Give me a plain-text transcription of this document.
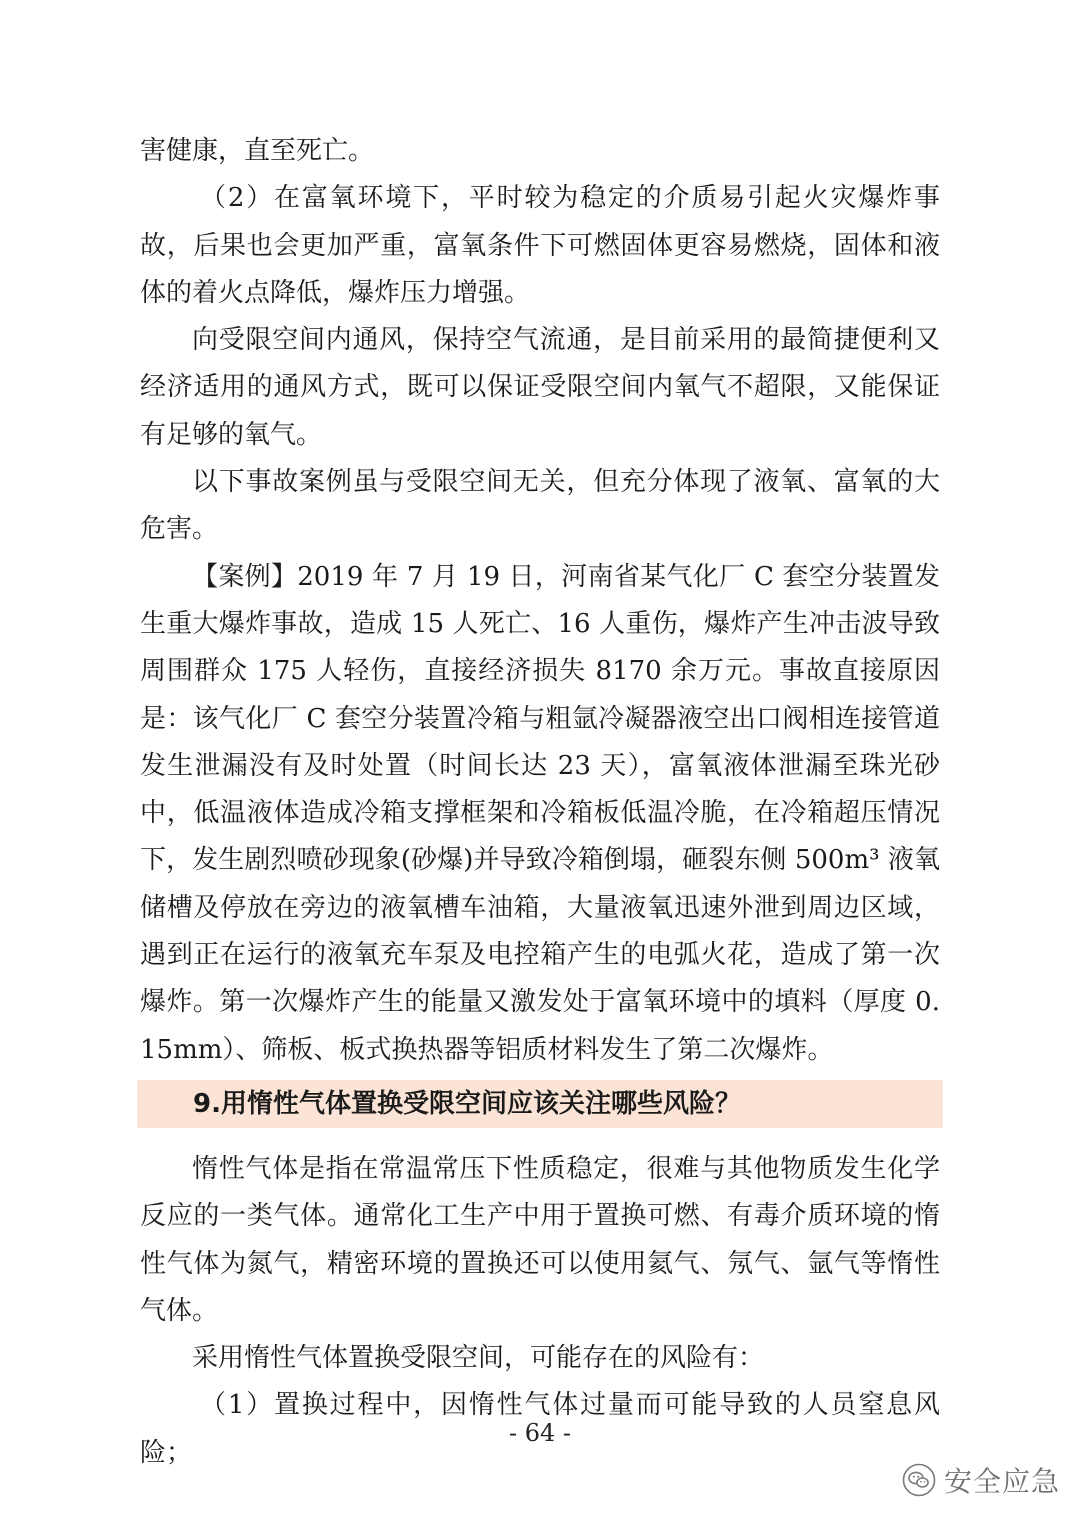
害健康，直至死亡。

（2）在富氧环境下，平时较为稳定的介质易引起火灾爆炸事故，后果也会更加严重，富氧条件下可燃固体更容易燃烧，固体和液体的着火点降低，爆炸压力增强。

向受限空间内通风，保持空气流通，是目前采用的最简捷便利又经济适用的通风方式，既可以保证受限空间内氧气不超限，又能保证有足够的氧气。

以下事故案例虽与受限空间无关，但充分体现了液氧、富氧的大危害。

【案例】2019 年 7 月 19 日，河南省某气化厂 C 套空分装置发生重大爆炸事故，造成 15 人死亡、16 人重伤，爆炸产生冲击波导致周围群众 175 人轻伤，直接经济损失 8170 余万元。事故直接原因是：该气化厂 C 套空分装置冷箱与粗氩冷凝器液空出口阀相连接管道发生泄漏没有及时处置（时间长达 23 天），富氧液体泄漏至珠光砂中，低温液体造成冷箱支撑框架和冷箱板低温冷脆，在冷箱超压情况下，发生剧烈喷砂现象(砂爆)并导致冷箱倒塌，砸裂东侧 500m³ 液氧储槽及停放在旁边的液氧槽车油箱，大量液氧迅速外泄到周边区域，遇到正在运行的液氧充车泵及电控箱产生的电弧火花，造成了第一次爆炸。第一次爆炸产生的能量又激发处于富氧环境中的填料（厚度 0.15mm）、筛板、板式换热器等铝质材料发生了第二次爆炸。

9.用惰性气体置换受限空间应该关注哪些风险？

惰性气体是指在常温常压下性质稳定，很难与其他物质发生化学反应的一类气体。通常化工生产中用于置换可燃、有毒介质环境的惰性气体为氮气，精密环境的置换还可以使用氦气、氖气、氩气等惰性气体。

采用惰性气体置换受限空间，可能存在的风险有：

（1）置换过程中，因惰性气体过量而可能导致的人员窒息风险；

- 64 -
安全应急
